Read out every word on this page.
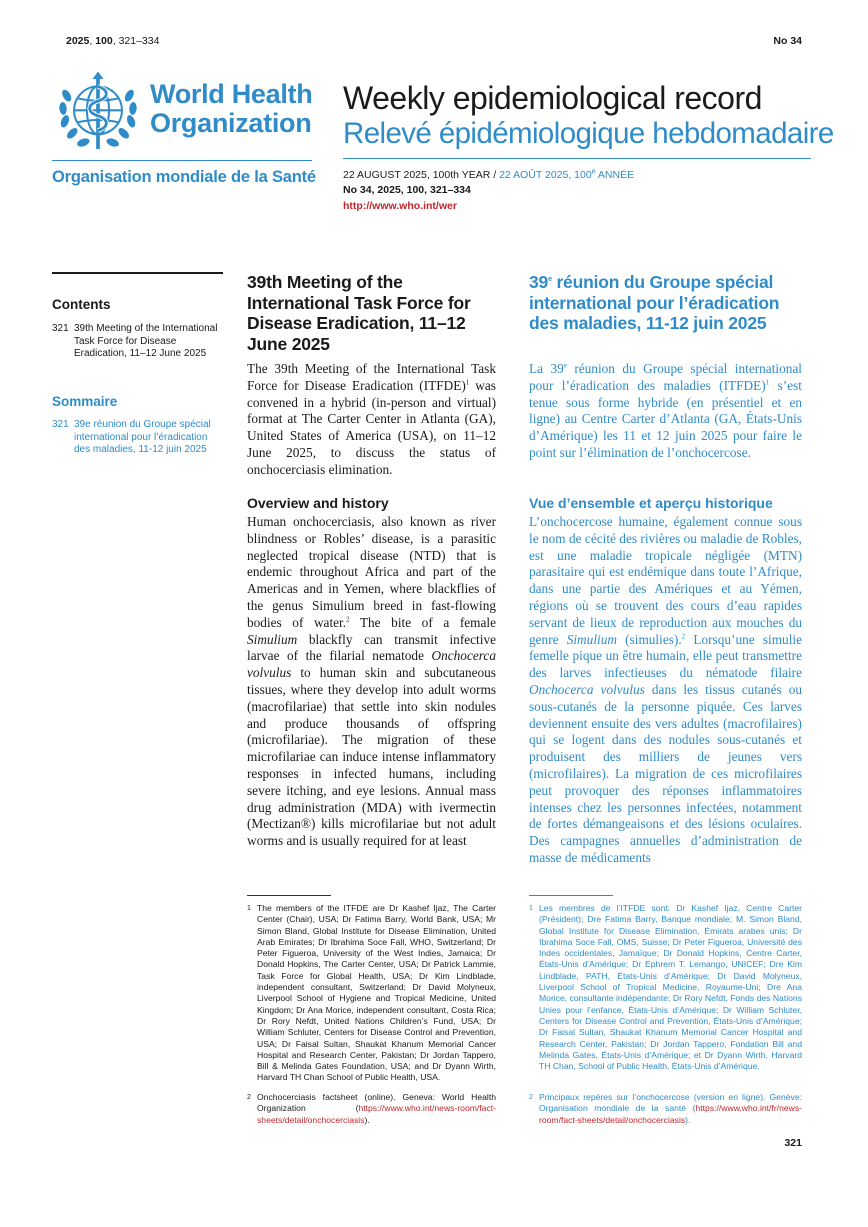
2025, 100, 321–334	No 34
World Health
Organization
Organisation mondiale de la Santé
Weekly epidemiological record
Relevé épidémiologique hebdomadaire
22 AUGUST 2025, 100th YEAR / 22 AOÛT 2025, 100e ANNÉE
No 34, 2025, 100, 321–334
http://www.who.int/wer
Contents
321 39th Meeting of the International Task Force for Disease Eradication, 11–12 June 2025
Sommaire
321 39e réunion du Groupe spécial international pour l’éradication des maladies, 11-12 juin 2025
39th Meeting of the International Task Force for Disease Eradication, 11–12 June 2025
The 39th Meeting of the International Task Force for Disease Eradication (ITFDE)$^1$ was convened in a hybrid (in-person and virtual) format at The Carter Center in Atlanta (GA), United States of America (USA), on 11–12 June 2025, to discuss the status of onchocerciasis elimination.
Overview and history
Human onchocerciasis, also known as river blindness or Robles’ disease, is a parasitic neglected tropical disease (NTD) that is endemic throughout Africa and part of the Americas and in Yemen, where blackflies of the genus Simulium breed in fast-flowing bodies of water.$^2$ The bite of a female Simulium blackfly can transmit infective larvae of the filarial nematode Onchocerca volvulus to human skin and subcutaneous tissues, where they develop into adult worms (macrofilariae) that settle into skin nodules and produce thousands of offspring (microfilariae). The migration of these microfilariae can induce intense inflammatory responses in infected humans, including severe itching, and eye lesions. Annual mass drug administration (MDA) with ivermectin (Mectizan®) kills microfilariae but not adult worms and is usually required for at least
1 The members of the ITFDE are Dr Kashef Ijaz, The Carter Center (Chair), USA; Dr Fatima Barry, World Bank, USA; Mr Simon Bland, Global Institute for Disease Elimination, United Arab Emirates; Dr Ibrahima Soce Fall, WHO, Switzerland; Dr Peter Figueroa, University of the West Indies, Jamaica; Dr Donald Hopkins, The Carter Center, USA; Dr Patrick Lammie, Task Force for Global Health, USA; Dr Kim Lindblade, independent consultant, Switzerland; Dr David Molyneux, Liverpool School of Hygiene and Tropical Medicine, United Kingdom; Dr Ana Morice, independent consultant, Costa Rica; Dr Rory Nefdt, United Nations Children’s Fund, USA; Dr William Schluter, Centers for Disease Control and Prevention, USA; Dr Faisal Sultan, Shaukat Khanum Memorial Cancer Hospital and Research Center, Pakistan; Dr Jordan Tappero, Bill & Melinda Gates Foundation, USA; and Dr Dyann Wirth, Harvard TH Chan School of Public Health, USA.
2 Onchocerciasis factsheet (online). Geneva: World Health Organization (https://www.who.int/news-room/fact-sheets/detail/onchocerciasis).
39e réunion du Groupe spécial international pour l’éradication des maladies, 11-12 juin 2025
La 39e réunion du Groupe spécial international pour l’éradication des maladies (ITFDE)$^1$ s’est tenue sous forme hybride (en présentiel et en ligne) au Centre Carter d’Atlanta (GA, États-Unis d’Amérique) les 11 et 12 juin 2025 pour faire le point sur l’élimination de l’onchocercose.
Vue d’ensemble et aperçu historique
L’onchocercose humaine, également connue sous le nom de cécité des rivières ou maladie de Robles, est une maladie tropicale négligée (MTN) parasitaire qui est endémique dans toute l’Afrique, dans une partie des Amériques et au Yémen, régions où se trouvent des cours d’eau rapides servant de lieux de reproduction aux mouches du genre Simulium (simulies).$^2$ Lorsqu’une simulie femelle pique un être humain, elle peut transmettre des larves infectieuses du nématode filaire Onchocerca volvulus dans les tissus cutanés ou sous-cutanés de la personne piquée. Ces larves deviennent ensuite des vers adultes (macrofilaires) qui se logent dans des nodules sous-cutanés et produisent des milliers de jeunes vers (microfilaires). La migration de ces microfilaires peut provoquer des réponses inflammatoires intenses chez les personnes infectées, notamment de fortes démangeaisons et des lésions oculaires. Des campagnes annuelles d’administration de masse de médicaments
1 Les membres de l’ITFDE sont: Dr Kashef Ijaz, Centre Carter (Président); Dre Fatima Barry, Banque mondiale; M. Simon Bland, Global Institute for Disease Elimination, Émirats arabes unis; Dr Ibrahima Soce Fall, OMS, Suisse; Dr Peter Figueroa, Université des Indes occidentales, Jamaïque; Dr Donald Hopkins, Centre Carter, États-Unis d’Amérique; Dr Ephrem T. Lemango, UNICEF; Dre Kim Lindblade, PATH, États-Unis d’Amérique; Dr David Molyneux, Liverpool School of Tropical Medicine, Royaume-Uni; Dre Ana Morice, consultante indépendante; Dr Rory Nefdt, Fonds des Nations Unies pour l’enfance, États-Unis d’Amérique; Dr William Schluter, Centers for Disease Control and Prevention, États-Unis d’Amérique; Dr Faisal Sultan, Shaukat Khanum Memorial Cancer Hospital and Research Center, Pakistan; Dr Jordan Tappero, Fondation Bill and Melinda Gates, États-Unis d’Amérique; et Dr Dyann Wirth, Harvard TH Chan, School of Public Health, États-Unis d’Amérique.
2 Principaux repères sur l’onchocercose (version en ligne). Genève: Organisation mondiale de la santé (https://www.who.int/fr/news-room/fact-sheets/detail/onchocerciasis).
321
